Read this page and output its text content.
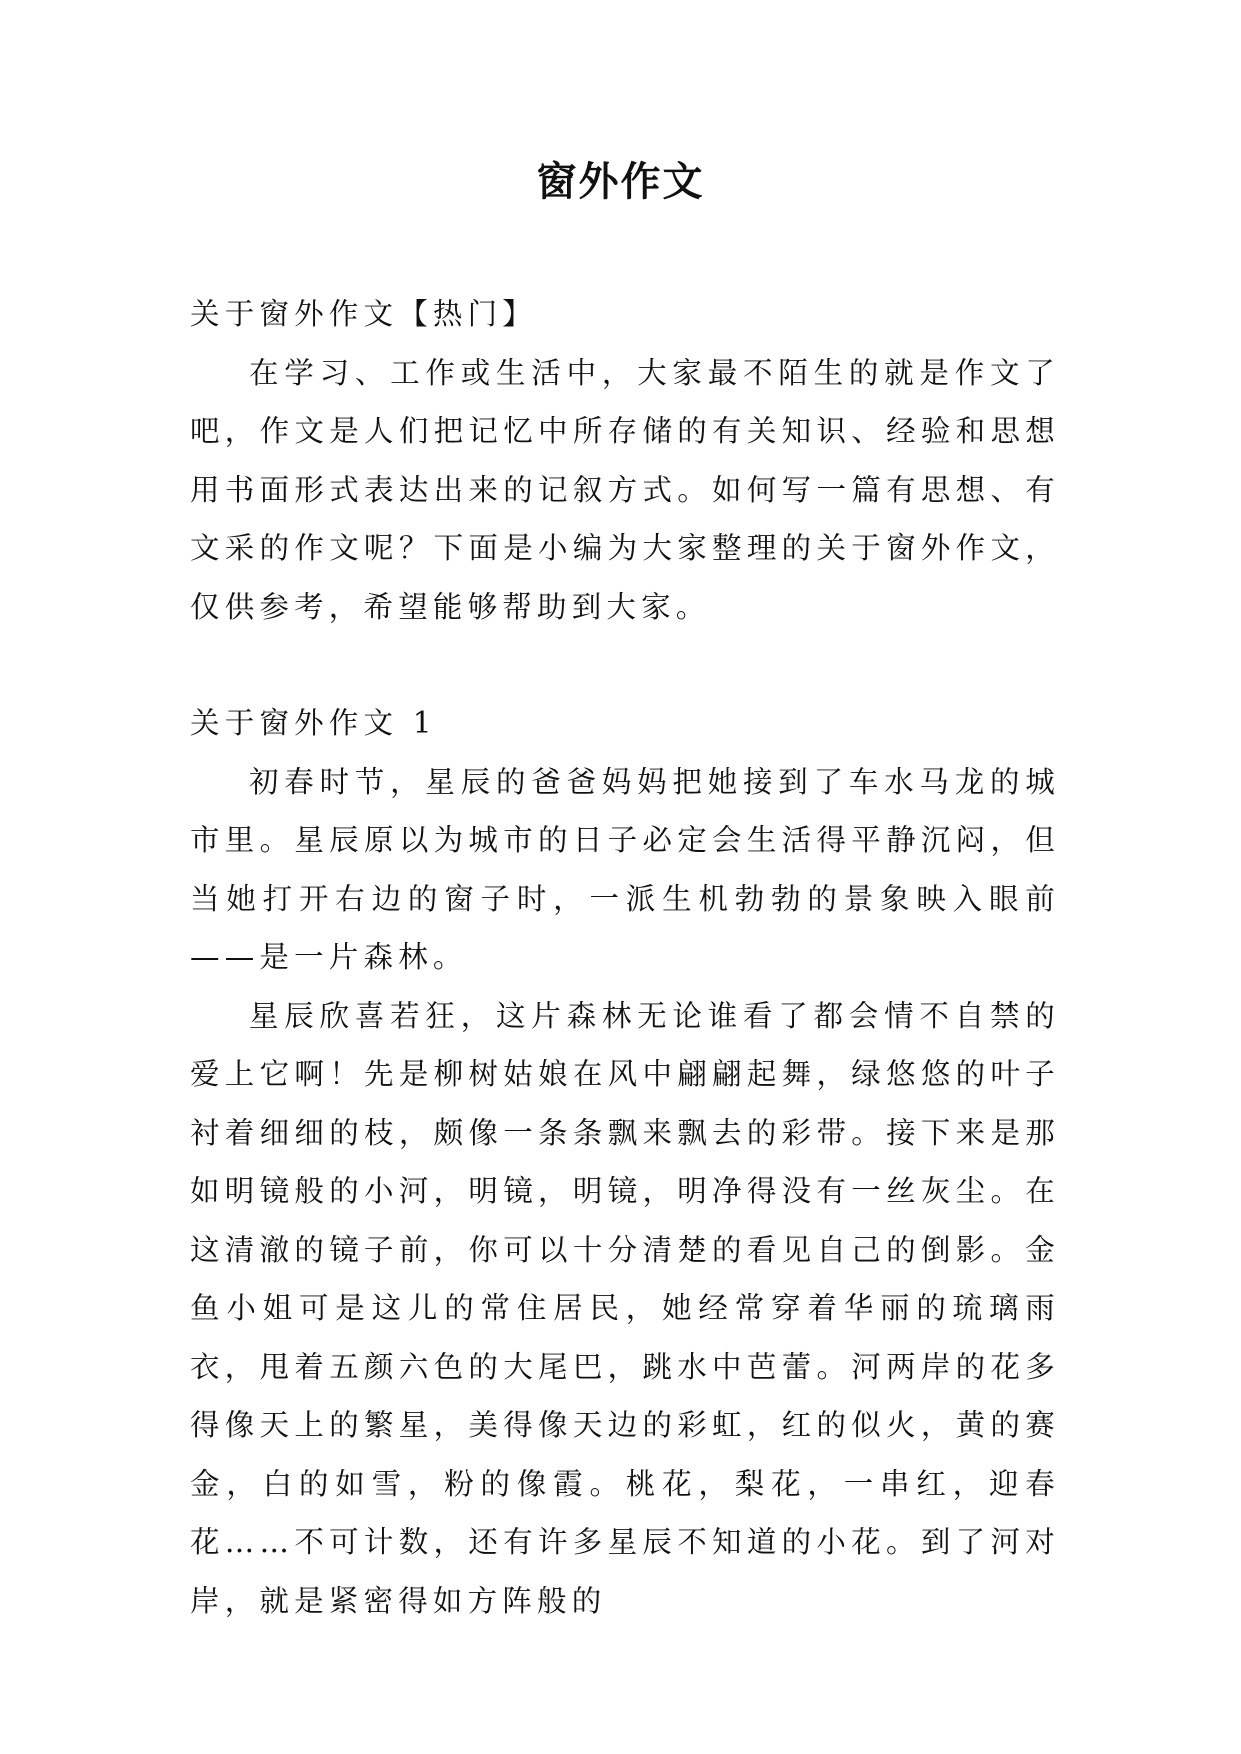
窗外作文

关于窗外作文【热门】

在学习、工作或生活中，大家最不陌生的就是作文了吧，作文是人们把记忆中所存储的有关知识、经验和思想用书面形式表达出来的记叙方式。如何写一篇有思想、有文采的作文呢？下面是小编为大家整理的关于窗外作文，仅供参考，希望能够帮助到大家。

关于窗外作文 1

初春时节，星辰的爸爸妈妈把她接到了车水马龙的城市里。星辰原以为城市的日子必定会生活得平静沉闷，但当她打开右边的窗子时，一派生机勃勃的景象映入眼前——是一片森林。

星辰欣喜若狂，这片森林无论谁看了都会情不自禁的爱上它啊！先是柳树姑娘在风中翩翩起舞，绿悠悠的叶子衬着细细的枝，颇像一条条飘来飘去的彩带。接下来是那如明镜般的小河，明镜，明镜，明净得没有一丝灰尘。在这清澈的镜子前，你可以十分清楚的看见自己的倒影。金鱼小姐可是这儿的常住居民，她经常穿着华丽的琉璃雨衣，甩着五颜六色的大尾巴，跳水中芭蕾。河两岸的花多得像天上的繁星，美得像天边的彩虹，红的似火，黄的赛金，白的如雪，粉的像霞。桃花，梨花，一串红，迎春花……不可计数，还有许多星辰不知道的小花。到了河对岸，就是紧密得如方阵般的
